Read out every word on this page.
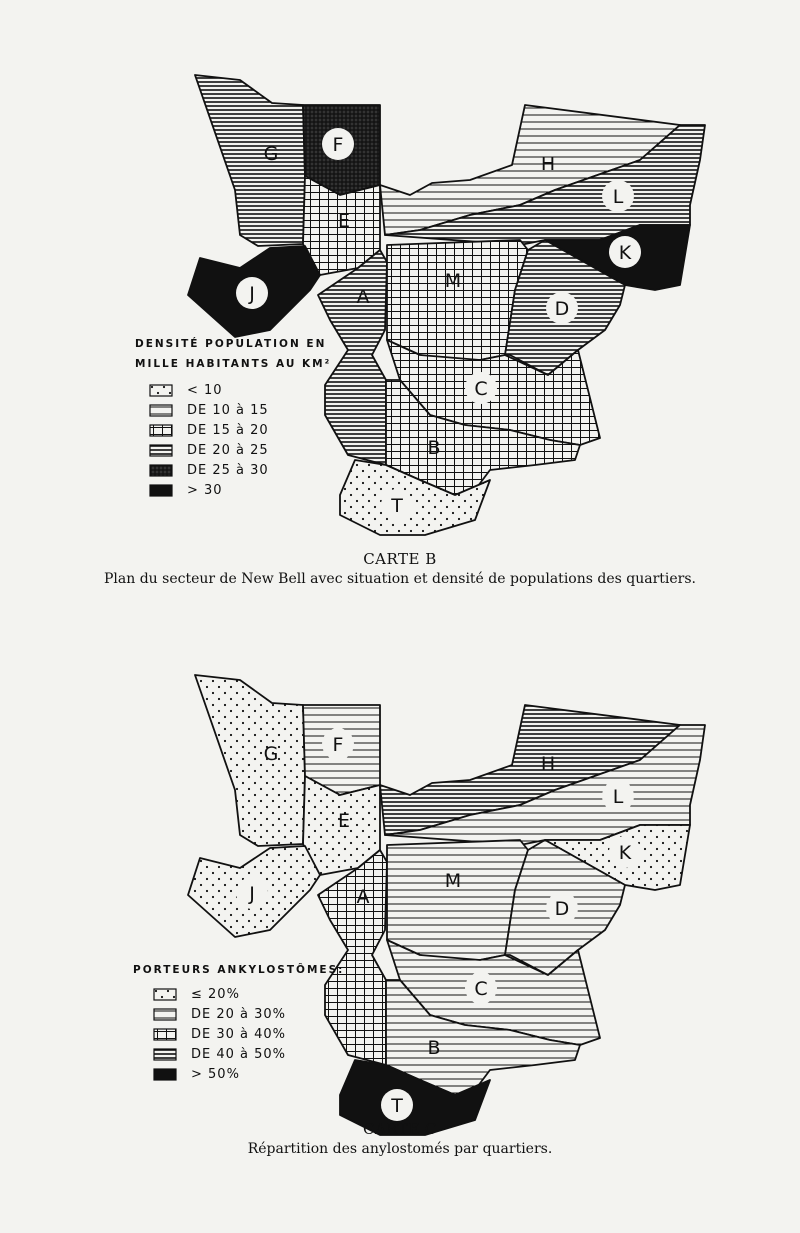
G	F
E
J	A
H
L
K
M
D
C
B
T
DENSITÉ POPULATION EN
MILLE HABITANTS AU KM²
< 10
DE 10 à 15
DE 15 à 20
DE 20 à 25
DE 25 à 30
> 30
CARTE B
Plan du secteur de New Bell avec situation et densité de populations des quartiers.
G	F
E
J	A
H
L
K
M
D
C
B
T
PORTEURS ANKYLOSTÔMES:
≤ 20%
DE 20 à 30%
DE 30 à 40%
DE 40 à 50%
> 50%
CARTE C
Répartition des anylostomés par quartiers.
